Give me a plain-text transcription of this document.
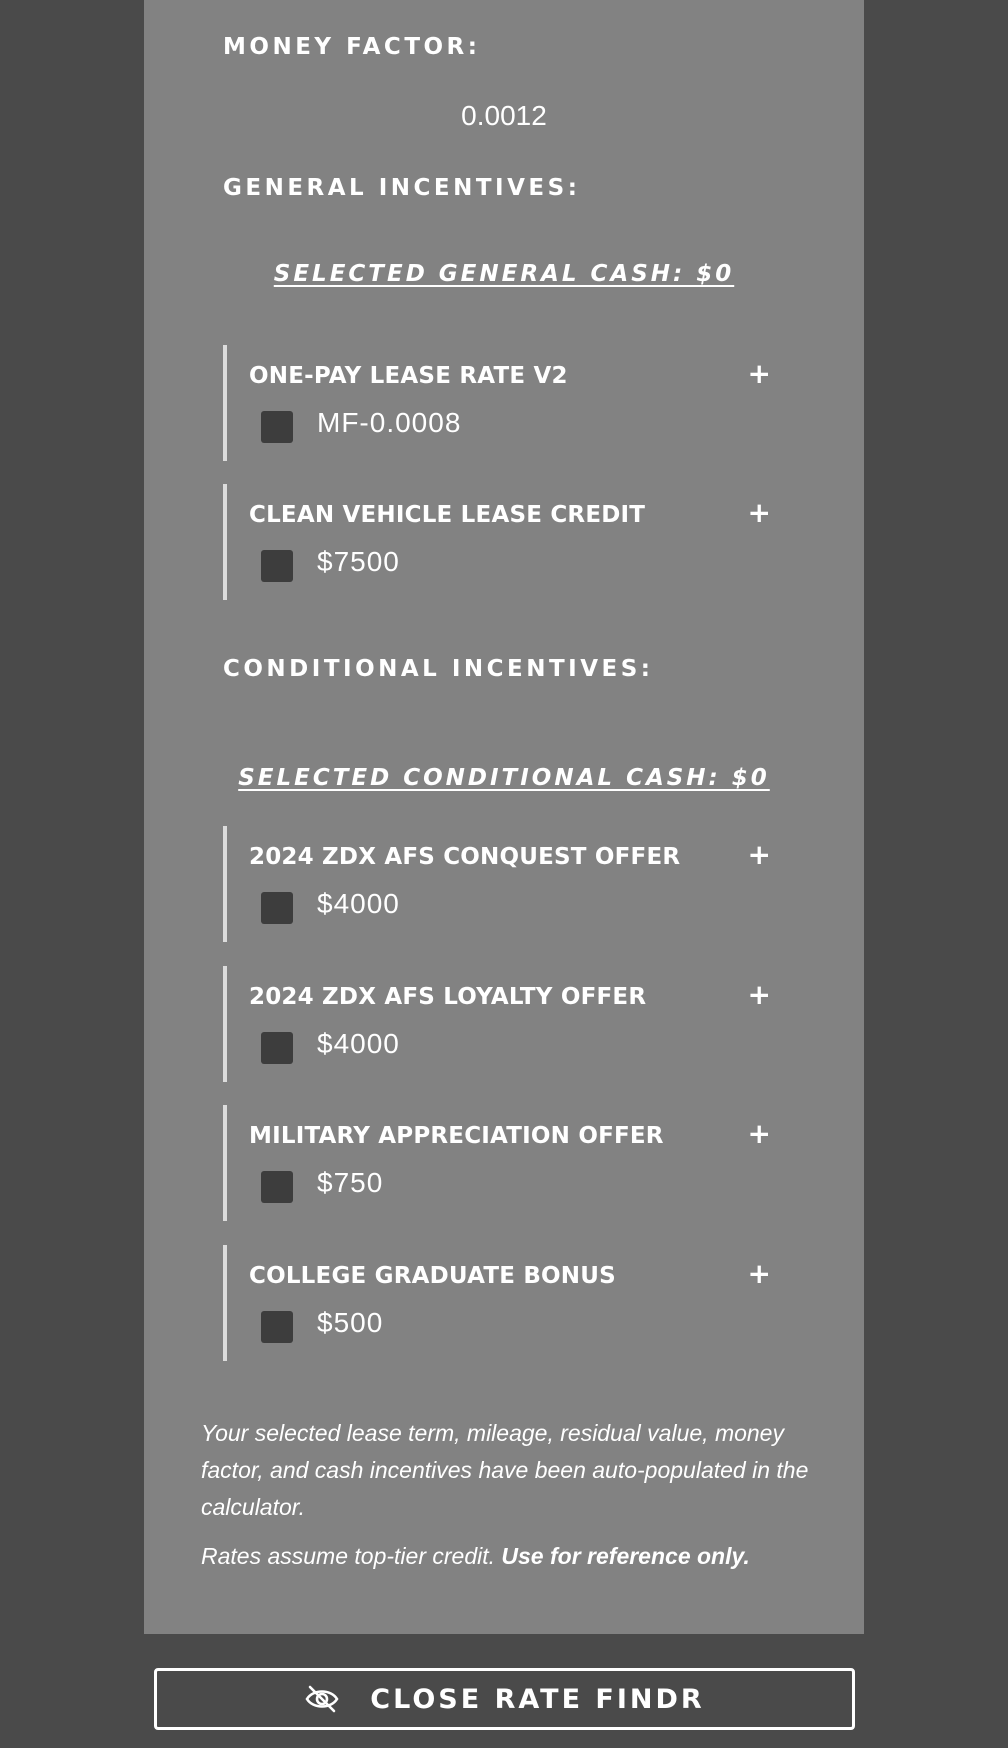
MONEY FACTOR:
0.0012
GENERAL INCENTIVES:
SELECTED GENERAL CASH: $0
ONE-PAY LEASE RATE V2	+
MF-0.0008
CLEAN VEHICLE LEASE CREDIT	+
$7500
CONDITIONAL INCENTIVES:
SELECTED CONDITIONAL CASH: $0
2024 ZDX AFS CONQUEST OFFER +
$4000
2024 ZDX AFS LOYALTY OFFER	+
$4000
MILITARY APPRECIATION OFFER	+
$750
COLLEGE GRADUATE BONUS	+
$500
Your selected lease term, mileage, residual value, money factor, and cash incentives have been auto-populated in the calculator.
Rates assume top-tier credit. Use for reference only.
CLOSE RATE FINDR
